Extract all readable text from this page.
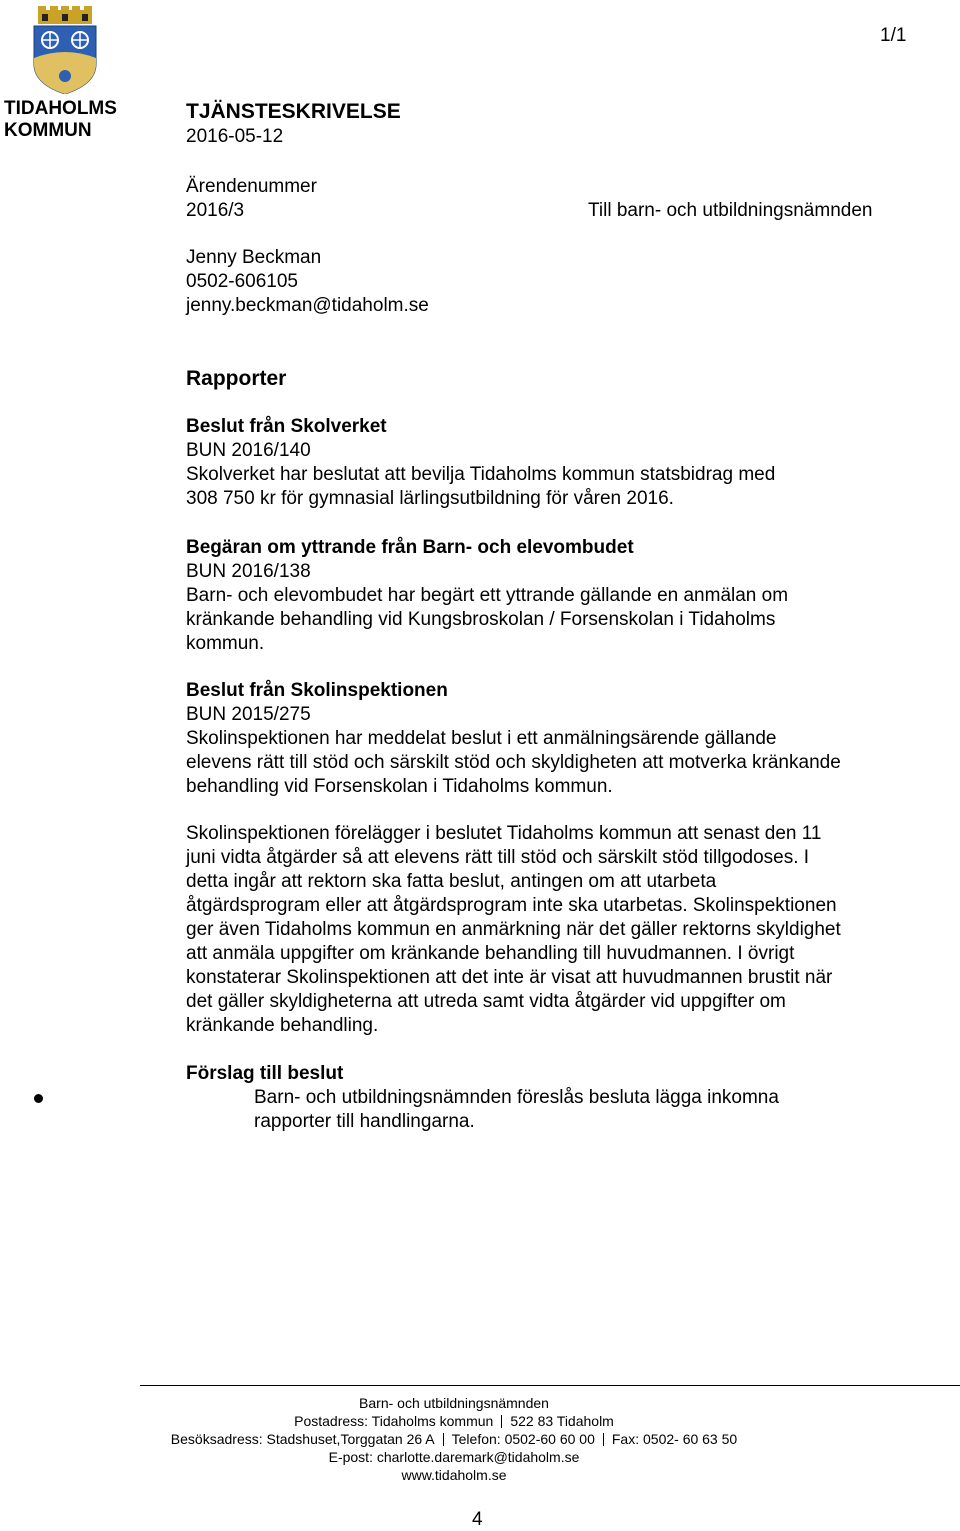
TIDAHOLMS
KOMMUN
1/1
TJÄNSTESKRIVELSE
2016-05-12
Ärendenummer
2016/3	Till barn- och utbildningsnämnden
Jenny Beckman
0502-606105
jenny.beckman@tidaholm.se
Rapporter

Beslut från Skolverket

BUN 2016/140

Skolverket har beslutat att bevilja Tidaholms kommun statsbidrag med

308 750 kr för gymnasial lärlingsutbildning för våren 2016.

Begäran om yttrande från Barn- och elevombudet

BUN 2016/138

Barn- och elevombudet har begärt ett yttrande gällande en anmälan om

kränkande behandling vid Kungsbroskolan / Forsenskolan i Tidaholms

kommun.

Beslut från Skolinspektionen

BUN 2015/275

Skolinspektionen har meddelat beslut i ett anmälningsärende gällande

elevens rätt till stöd och särskilt stöd och skyldigheten att motverka kränkande

behandling vid Forsenskolan i Tidaholms kommun.

Skolinspektionen förelägger i beslutet Tidaholms kommun att senast den 11

juni vidta åtgärder så att elevens rätt till stöd och särskilt stöd tillgodoses. I

detta ingår att rektorn ska fatta beslut, antingen om att utarbeta

åtgärdsprogram eller att åtgärdsprogram inte ska utarbetas. Skolinspektionen

ger även Tidaholms kommun en anmärkning när det gäller rektorns skyldighet

att anmäla uppgifter om kränkande behandling till huvudmannen. I övrigt

konstaterar Skolinspektionen att det inte är visat att huvudmannen brustit när

det gäller skyldigheterna att utreda samt vidta åtgärder vid uppgifter om

kränkande behandling.

Förslag till beslut

Barn- och utbildningsnämnden föreslås besluta lägga inkomna

rapporter till handlingarna.

Barn- och utbildningsnämnden
Postadress: Tidaholms kommun 522 83 Tidaholm
Besöksadress: Stadshuset,Torggatan 26 A Telefon: 0502-60 60 00 Fax: 0502- 60 63 50
E-post: charlotte.daremark@tidaholm.se
www.tidaholm.se
4
